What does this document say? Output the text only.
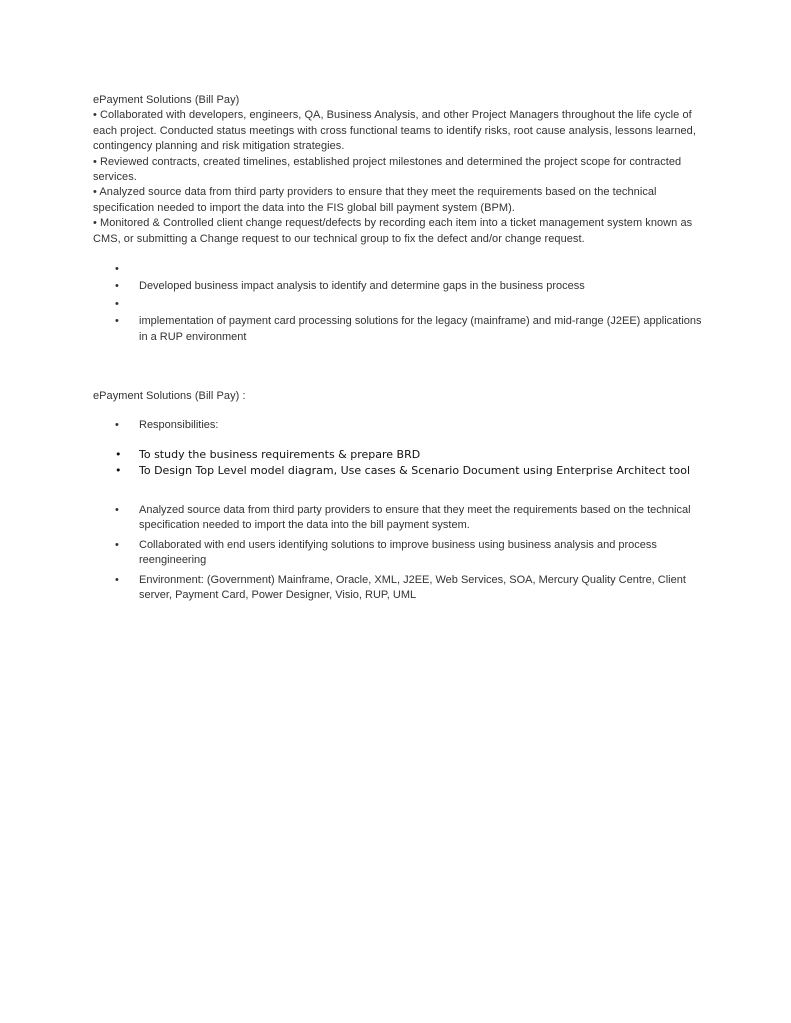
ePayment Solutions (Bill Pay)

• Collaborated with developers, engineers, QA, Business Analysis, and other Project Managers throughout the life cycle of each project. Conducted status meetings with cross functional teams to identify risks, root cause analysis, lessons learned, contingency planning and risk mitigation strategies.

• Reviewed contracts, created timelines, established project milestones and determined the project scope for contracted services.

• Analyzed source data from third party providers to ensure that they meet the requirements based on the technical specification needed to import the data into the FIS global bill payment system (BPM).

• Monitored & Controlled client change request/defects by recording each item into a ticket management system known as CMS, or submitting a Change request to our technical group to fix the defect and/or change request.

•

• Developed business impact analysis to identify and determine gaps in the business process
•

• implementation of payment card processing solutions for the legacy (mainframe) and mid-range (J2EE) applications in a RUP environment

ePayment Solutions (Bill Pay) :

• Responsibilities:
• To study the business requirements & prepare BRD
• To Design Top Level model diagram, Use cases & Scenario Document using Enterprise Architect tool
• Analyzed source data from third party providers to ensure that they meet the requirements based on the technical specification needed to import the data into the bill payment system.
• Collaborated with end users identifying solutions to improve business using business analysis and process reengineering
• Environment: (Government) Mainframe, Oracle, XML, J2EE, Web Services, SOA, Mercury Quality Centre, Client server, Payment Card, Power Designer, Visio, RUP, UML
